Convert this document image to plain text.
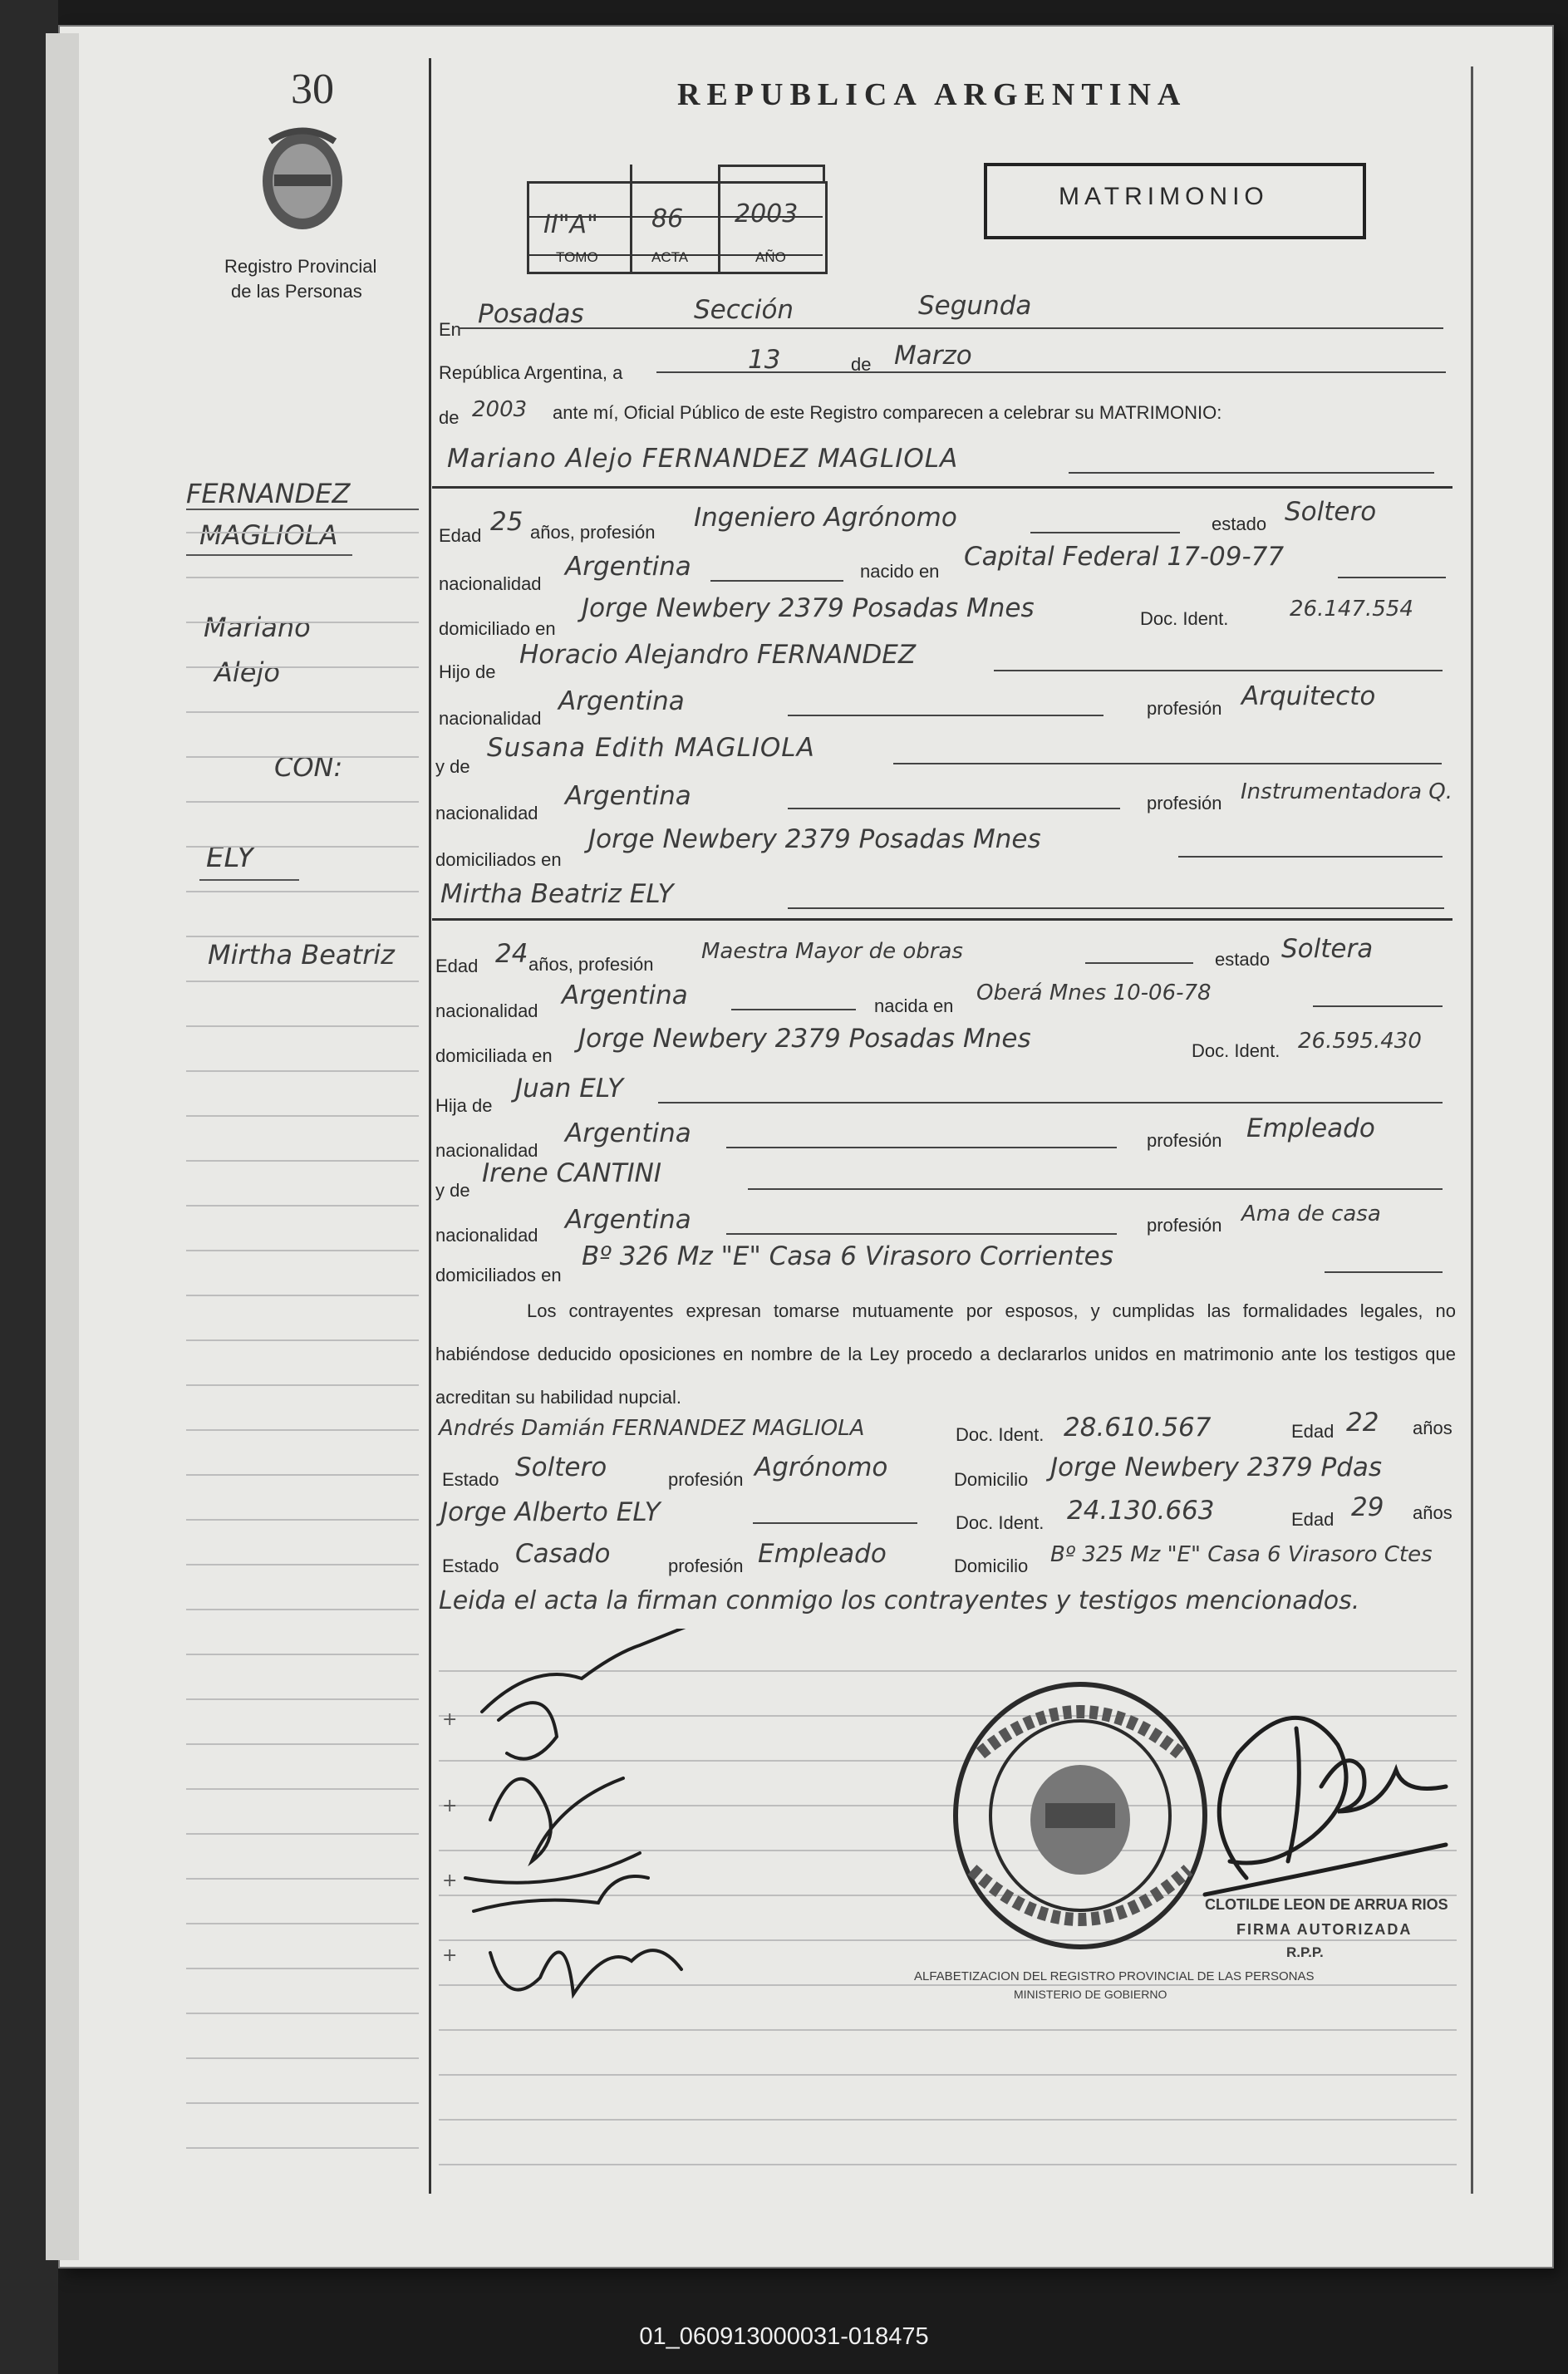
30
Registro Provincial
de las Personas
REPUBLICA ARGENTINA
II"A" 86 2003
TOMO	ACTA	AÑO
MATRIMONIO
FERNANDEZ
MAGLIOLA
Mariano
Alejo
CON:
ELY
Mirtha Beatriz
En
Posadas	Sección	Segunda
República Argentina, a	13	de Marzo
de 2003 ante mí, Oficial Público de este Registro comparecen a celebrar su MATRIMONIO:
Mariano Alejo FERNANDEZ MAGLIOLA
Edad 25 años, profesión Ingeniero Agrónomo	estado Soltero
nacionalidad
Argentina	nacido en Capital Federal 17-09-77
domiciliado en
Jorge Newbery 2379 Posadas Mnes	Doc. Ident.	26.147.554
Hijo de
Horacio Alejandro FERNANDEZ
nacionalidad
Argentina	profesión Arquitecto
y de
Susana Edith MAGLIOLA
nacionalidad
Argentina	profesión Instrumentadora Q.
domiciliados en
Jorge Newbery 2379 Posadas Mnes
Mirtha Beatriz ELY
Edad 24 años, profesión
Maestra Mayor de obras	estado Soltera
nacionalidad
Argentina	nacida en
Oberá Mnes 10-06-78
domiciliada en
Jorge Newbery 2379 Posadas Mnes	Doc. Ident. 26.595.430
Hija de
Juan ELY
nacionalidad
Argentina	profesión Empleado
y de
Irene CANTINI
nacionalidad
Argentina	profesión Ama de casa
domiciliados en
Bº 326 Mz "E" Casa 6 Virasoro Corrientes
Los contrayentes expresan tomarse mutuamente por esposos, y cumplidas las formalidades legales, no habiéndose deducido oposiciones en nombre de la Ley procedo a declararlos unidos en matrimonio ante los testigos que acreditan su habilidad nupcial.
Andrés Damián FERNANDEZ MAGLIOLA	Doc. Ident. 28.610.567	Edad 22 años
Estado Soltero	profesión Agrónomo	Domicilio Jorge Newbery 2379 Pdas
Jorge Alberto ELY	Doc. Ident. 24.130.663	Edad 29 años
Estado Casado	profesión Empleado	Domicilio Bº 325 Mz "E" Casa 6 Virasoro Ctes
Leida el acta la firman conmigo los contrayentes y testigos mencionados.
+
+
+
+
ALFABETIZACION DEL REGISTRO PROVINCIAL DE LAS PERSONAS
MINISTERIO DE GOBIERNO
CLOTILDE LEON DE ARRUA RIOS
FIRMA AUTORIZADA
R.P.P.
01_060913000031-018475
